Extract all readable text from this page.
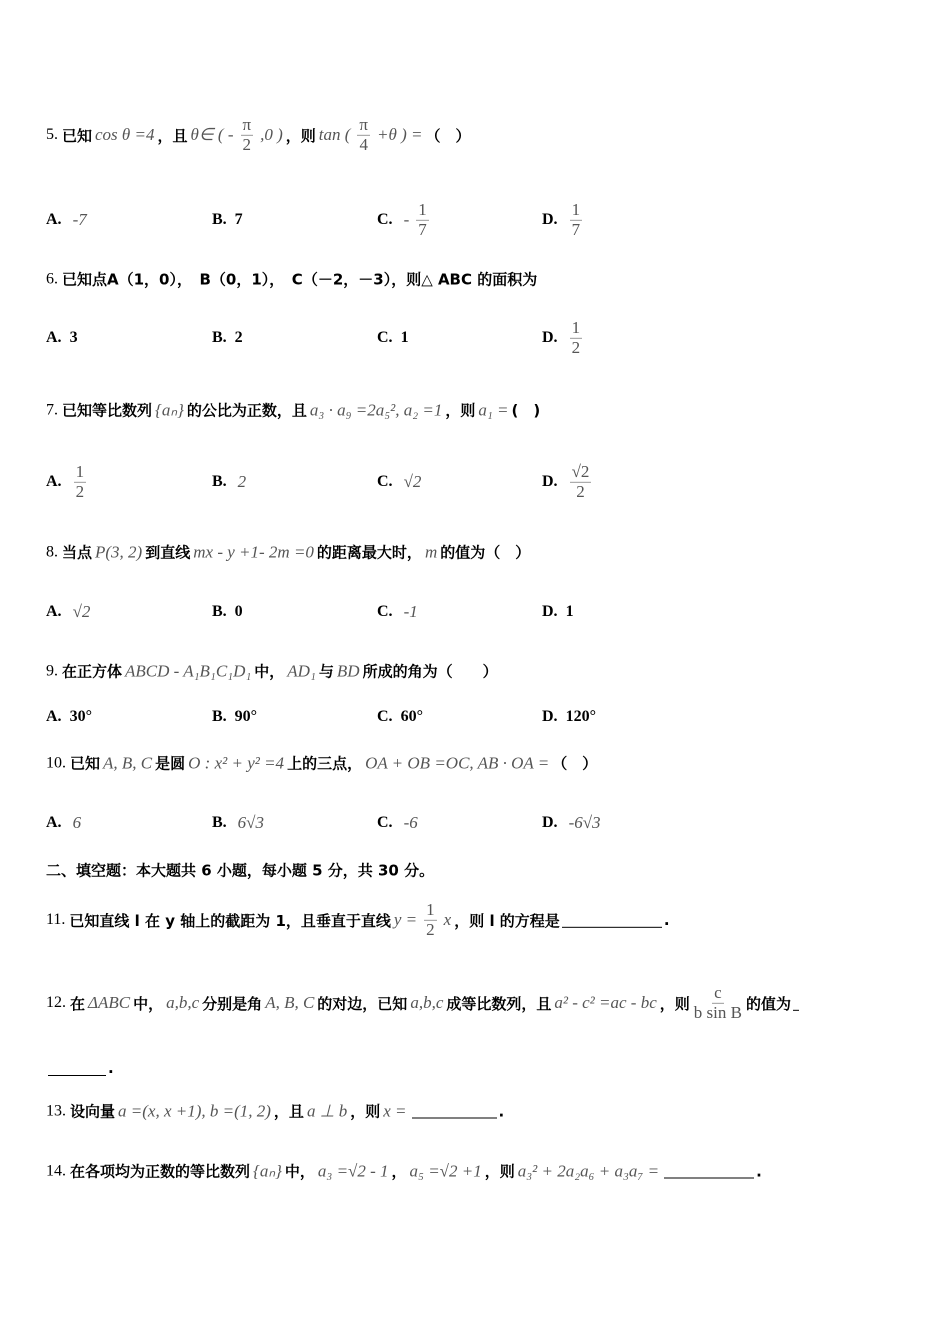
5. 已知 cos θ =4 ，且 θ∈ ( - $\frac{\pi}{2} ,0$ ) ，则 tan ( $\frac{\pi}{4} +\theta$ ) = （　）
A. -7	B. 7	C. - $\frac{1}{7}$	D. $\frac{1}{7}$
6. 已知点 A（1，0），　B（0，1），　C（－2，－3），则△ ABC 的面积为
A. 3	B. 2	C. 1	D. $\frac{1}{2}$
7. 已知等比数列 {aₙ} 的公比为正数，且 a₃ · a₉ =2a₅², a₂ =1 ，则 a₁ = (　)
A. $\frac{1}{2}$	B. 2	C. √2	D. $\frac{√2}{2}$
8. 当点 P(3, 2) 到直线 mx - y +1- 2m =0 的距离最大时， m 的值为（　）
A. √2	B. 0	C. -1	D. 1
9. 在正方体 ABCD - A₁B₁C₁D₁ 中， AD₁ 与 BD 所成的角为（　　）
A. 30°	B. 90°	C. 60°	D. 120°
10. 已知 A, B, C 是圆 O : x² + y² =4 上的三点， OA + OB =OC, AB · OA = （　）
A. 6	B. 6√3	C. -6	D. -6√3
二、填空题：本大题共 6 小题，每小题 5 分，共 30 分。
11. 已知直线 l 在 y 轴上的截距为 1，且垂直于直线 $y = \frac{1}{2}$ x ，则 l 的方程是	.
12. 在 ΔABC 中， a,b,c 分别是角 A, B, C 的对边，已知 a,b,c 成等比数列，且 a² - c² =ac - bc ，则 $\frac{c}{\text{b sin B}}$ 的值为
.
13. 设向量 a =(x, x +1), b =(1, 2) ，且 a ⊥ b ，则 x =	.
14. 在各项均为正数的等比数列 {aₙ} 中， a₃ =√2 - 1 ， a₅ =√2 +1 ，则 a₃² + 2a₂a₆ + a₃a₇ =	.
